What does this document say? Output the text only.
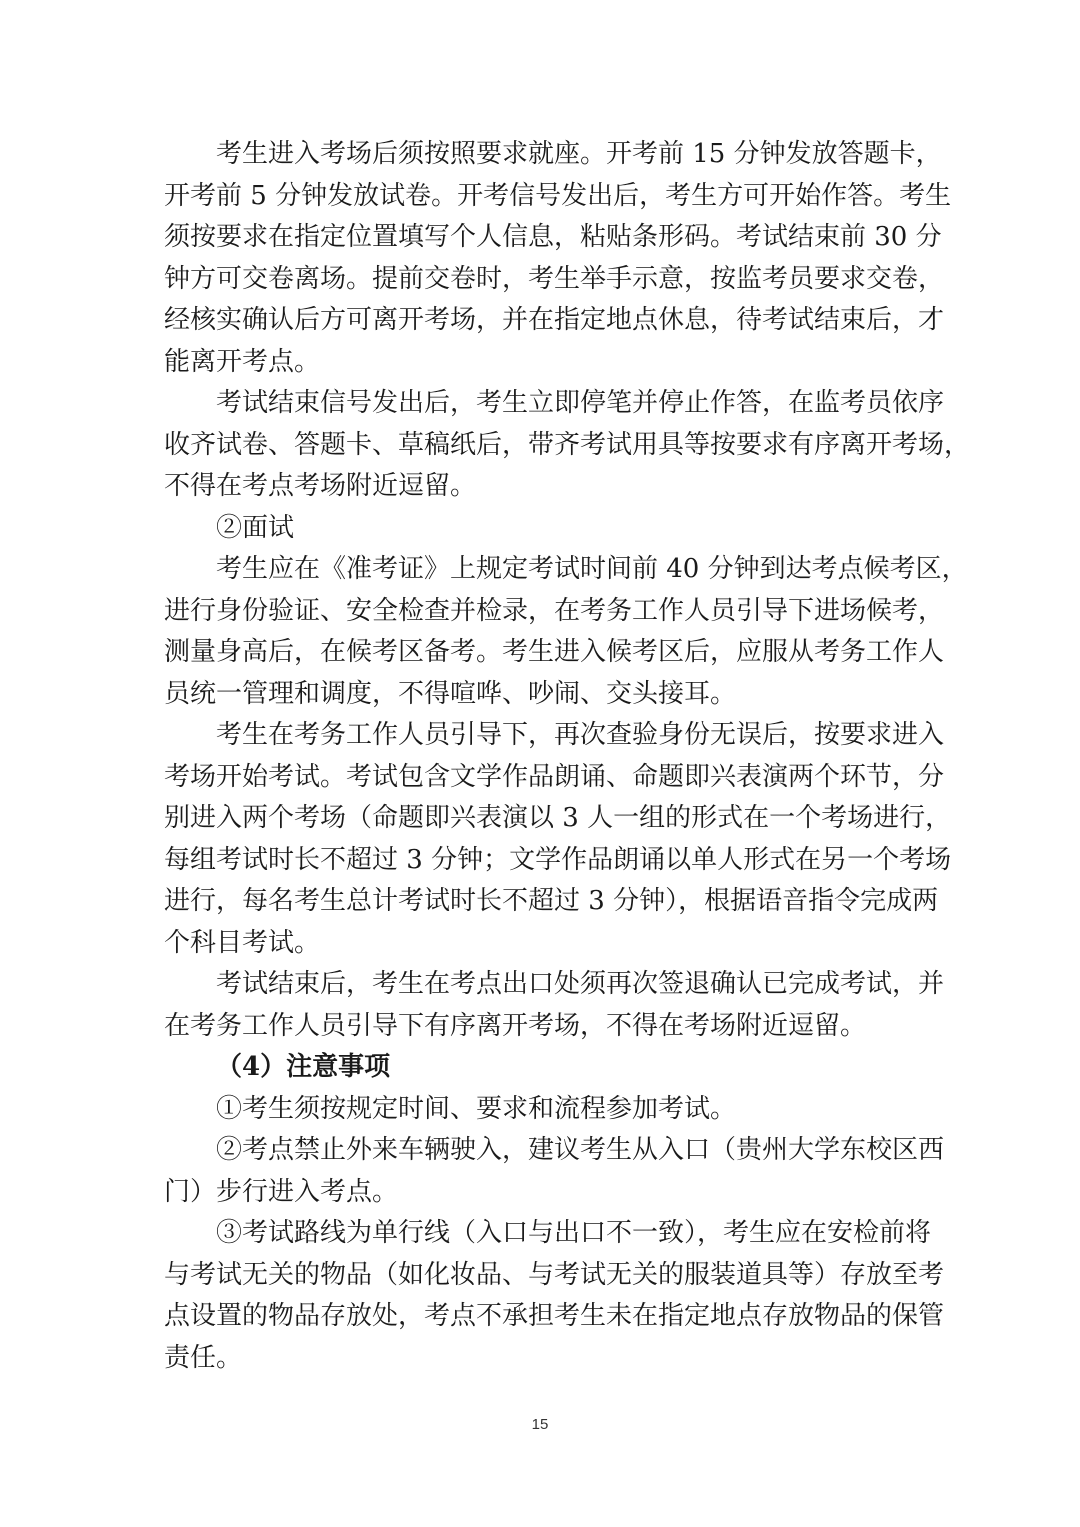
考生进入考场后须按照要求就座。开考前 15 分钟发放答题卡，
开考前 5 分钟发放试卷。开考信号发出后，考生方可开始作答。考生
须按要求在指定位置填写个人信息，粘贴条形码。考试结束前 30 分
钟方可交卷离场。提前交卷时，考生举手示意，按监考员要求交卷，
经核实确认后方可离开考场，并在指定地点休息，待考试结束后，才
能离开考点。
考试结束信号发出后，考生立即停笔并停止作答，在监考员依序
收齐试卷、答题卡、草稿纸后，带齐考试用具等按要求有序离开考场，
不得在考点考场附近逗留。
②面试
考生应在《准考证》上规定考试时间前 40 分钟到达考点候考区，
进行身份验证、安全检查并检录，在考务工作人员引导下进场候考，
测量身高后，在候考区备考。考生进入候考区后，应服从考务工作人
员统一管理和调度，不得喧哗、吵闹、交头接耳。
考生在考务工作人员引导下，再次查验身份无误后，按要求进入
考场开始考试。考试包含文学作品朗诵、命题即兴表演两个环节，分
别进入两个考场（命题即兴表演以 3 人一组的形式在一个考场进行，
每组考试时长不超过 3 分钟；文学作品朗诵以单人形式在另一个考场
进行，每名考生总计考试时长不超过 3 分钟），根据语音指令完成两
个科目考试。
考试结束后，考生在考点出口处须再次签退确认已完成考试，并
在考务工作人员引导下有序离开考场，不得在考场附近逗留。
（4）注意事项
①考生须按规定时间、要求和流程参加考试。
②考点禁止外来车辆驶入，建议考生从入口（贵州大学东校区西
门）步行进入考点。
③考试路线为单行线（入口与出口不一致），考生应在安检前将
与考试无关的物品（如化妆品、与考试无关的服装道具等）存放至考
点设置的物品存放处，考点不承担考生未在指定地点存放物品的保管
责任。
15
